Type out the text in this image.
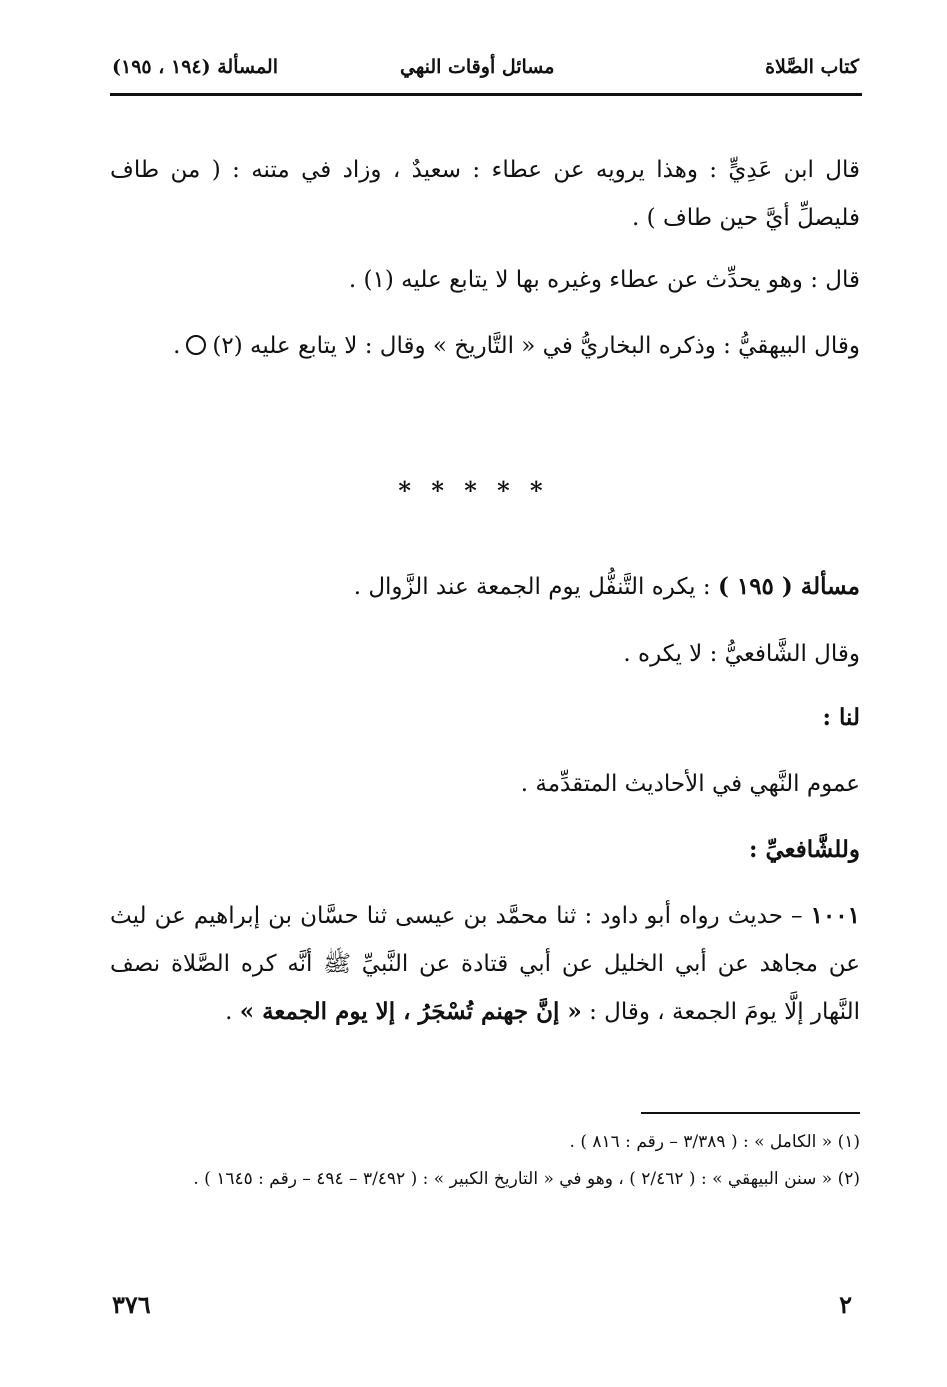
كتاب الصَّلاة
مسائل أوقات النهي
المسألة (١٩٤ ، ١٩٥)
قال ابن عَدِيٍّ : وهذا يرويه عن عطاء : سعيدٌ ، وزاد في متنه : ( من طاف فليصلِّ أيَّ حين طاف ) .
قال : وهو يحدِّث عن عطاء وغيره بها لا يتابع عليه (١) .
وقال البيهقيُّ : وذكره البخاريُّ في « التَّاريخ » وقال : لا يتابع عليه (٢).
* * * * *
مسألة ( ١٩٥ ) : يكره التَّنفُّل يوم الجمعة عند الزَّوال .
وقال الشَّافعيُّ : لا يكره .
لنا :
عموم النَّهي في الأحاديث المتقدِّمة .
وللشَّافعيِّ :
١٠٠١ – حديث رواه أبو داود : ثنا محمَّد بن عيسى ثنا حسَّان بن إبراهيم عن ليث عن مجاهد عن أبي الخليل عن أبي قتادة عن النَّبيِّ ﷺ أنَّه كره الصَّلاة نصف النَّهار إلَّا يومَ الجمعة ، وقال : « إنَّ جهنم تُسْجَرُ ، إلا يوم الجمعة » .
(١) « الكامل » : ( ٣/٣٨٩ – رقم : ٨١٦ ) .
(٢) « سنن البيهقي » : ( ٢/٤٦٢ ) ، وهو في « التاريخ الكبير » : ( ٣/٤٩٢ – ٤٩٤ – رقم : ١٦٤٥ ) .
٣٧٦	٢
